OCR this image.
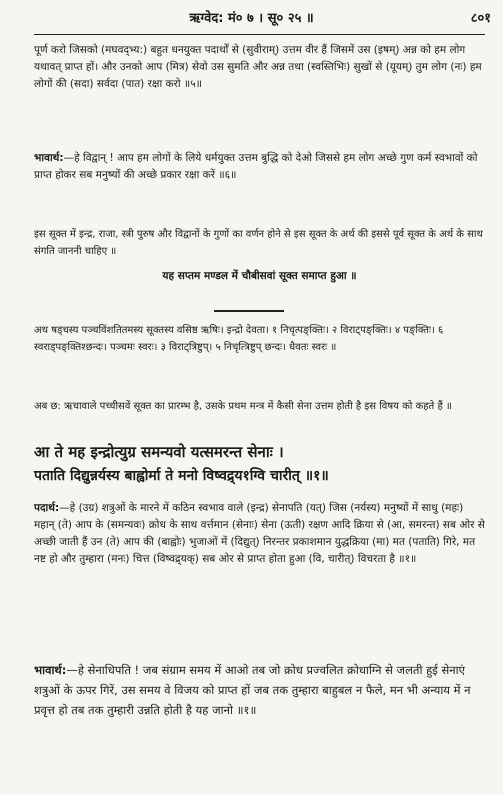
ऋग्वेद: मं० ७ । सू० २५ ॥	८०१

पूर्ण करो जिसको (मघवद्भ्य:) बहुत धनयुक्त पदार्थों से (सुवीराम्) उत्तम वीर हैं जिसमें उस (इषम्) अन्न को हम लोग यथावत् प्राप्त हों। और उनको आप (मित्र) सेवो उस सुमति और अन्न तथा (स्वस्तिभिः) सुखों से (यूयम्) तुम लोग (नः) हम लोगों की (सदा) सर्वदा (पात) रक्षा करो ॥५॥

भावार्थ:—हे विद्वान् ! आप हम लोगों के लिये धर्मयुक्त उत्तम बुद्धि को देओ जिससे हम लोग अच्छे गुण कर्म स्वभावों को प्राप्त होकर सब मनुष्यों की अच्छे प्रकार रक्षा करें ॥६॥

इस सूक्त में इन्द्र, राजा, स्त्री पुरुष और विद्वानों के गुणों का वर्णन होने से इस सूक्त के अर्थ की इससे पूर्व सूक्त के अर्थ के साथ संगति जाननी चाहिए ॥

यह सप्तम मण्डल में चौबीसवां सूक्त समाप्त हुआ ॥

अथ षड्चस्य पञ्चविंशतितमस्य सूक्तस्य वसिष्ठ ऋषिः। इन्द्रो देवता। १ निचृत्पङ्क्तिः। २ विराट्पङ्क्तिः। ४ पङ्क्तिः। ६ स्वराड्पङ्क्तिश्छन्दः। पञ्चमः स्वरः। ३ विराट्त्रिष्टुप्। ५ निचृत्त्रिष्टुप् छन्दः। धैवतः स्वरः ॥

अब छ: ऋचावाले पच्चीसवें सूक्त का प्रारम्भ है, उसके प्रथम मन्त्र में कैसी सेना उत्तम होती है इस विषय को कहते हैं ॥

आ ते मह इन्द्रोत्युग्र समन्यवो यत्समरन्त सेनाः ।

पताति दिद्युन्नर्यस्य बाह्वोर्मा ते मनो विष्वद्र्य१ग्वि चारीत् ॥१॥

पदार्थ:—हे (उग्र) शत्रुओं के मारने में कठिन स्वभाव वाले (इन्द्र) सेनापति (यत्) जिस (नर्यस्य) मनुष्यों में साधु (महः) महान् (ते) आप के (समन्यवः) क्रोध के साथ वर्त्तमान (सेनाः) सेना (ऊती) रक्षण आदि क्रिया से (आ, समरन्त) सब ओर से अच्छी जाती हैं उन (ते) आप की (बाह्वोः) भुजाओं में (दिद्युत्) निरन्तर प्रकाशमान युद्धक्रिया (मा) मत (पताति) गिरे, मत नष्ट हो और तुम्हारा (मनः) चित्त (विष्वद्र्यक्) सब ओर से प्राप्त होता हुआ (वि, चारीत्) विचरता है ॥१॥

भावार्थ:—हे सेनाधिपति ! जब संग्राम समय में आओ तब जो क्रोध प्रज्वलित क्रोधाग्नि से जलती हुई सेनाएं शत्रुओं के ऊपर गिरें, उस समय वे विजय को प्राप्त हों जब तक तुम्हारा बाहुबल न फैले, मन भी अन्याय में न प्रवृत्त हो तब तक तुम्हारी उन्नति होती है यह जानो ॥१॥
